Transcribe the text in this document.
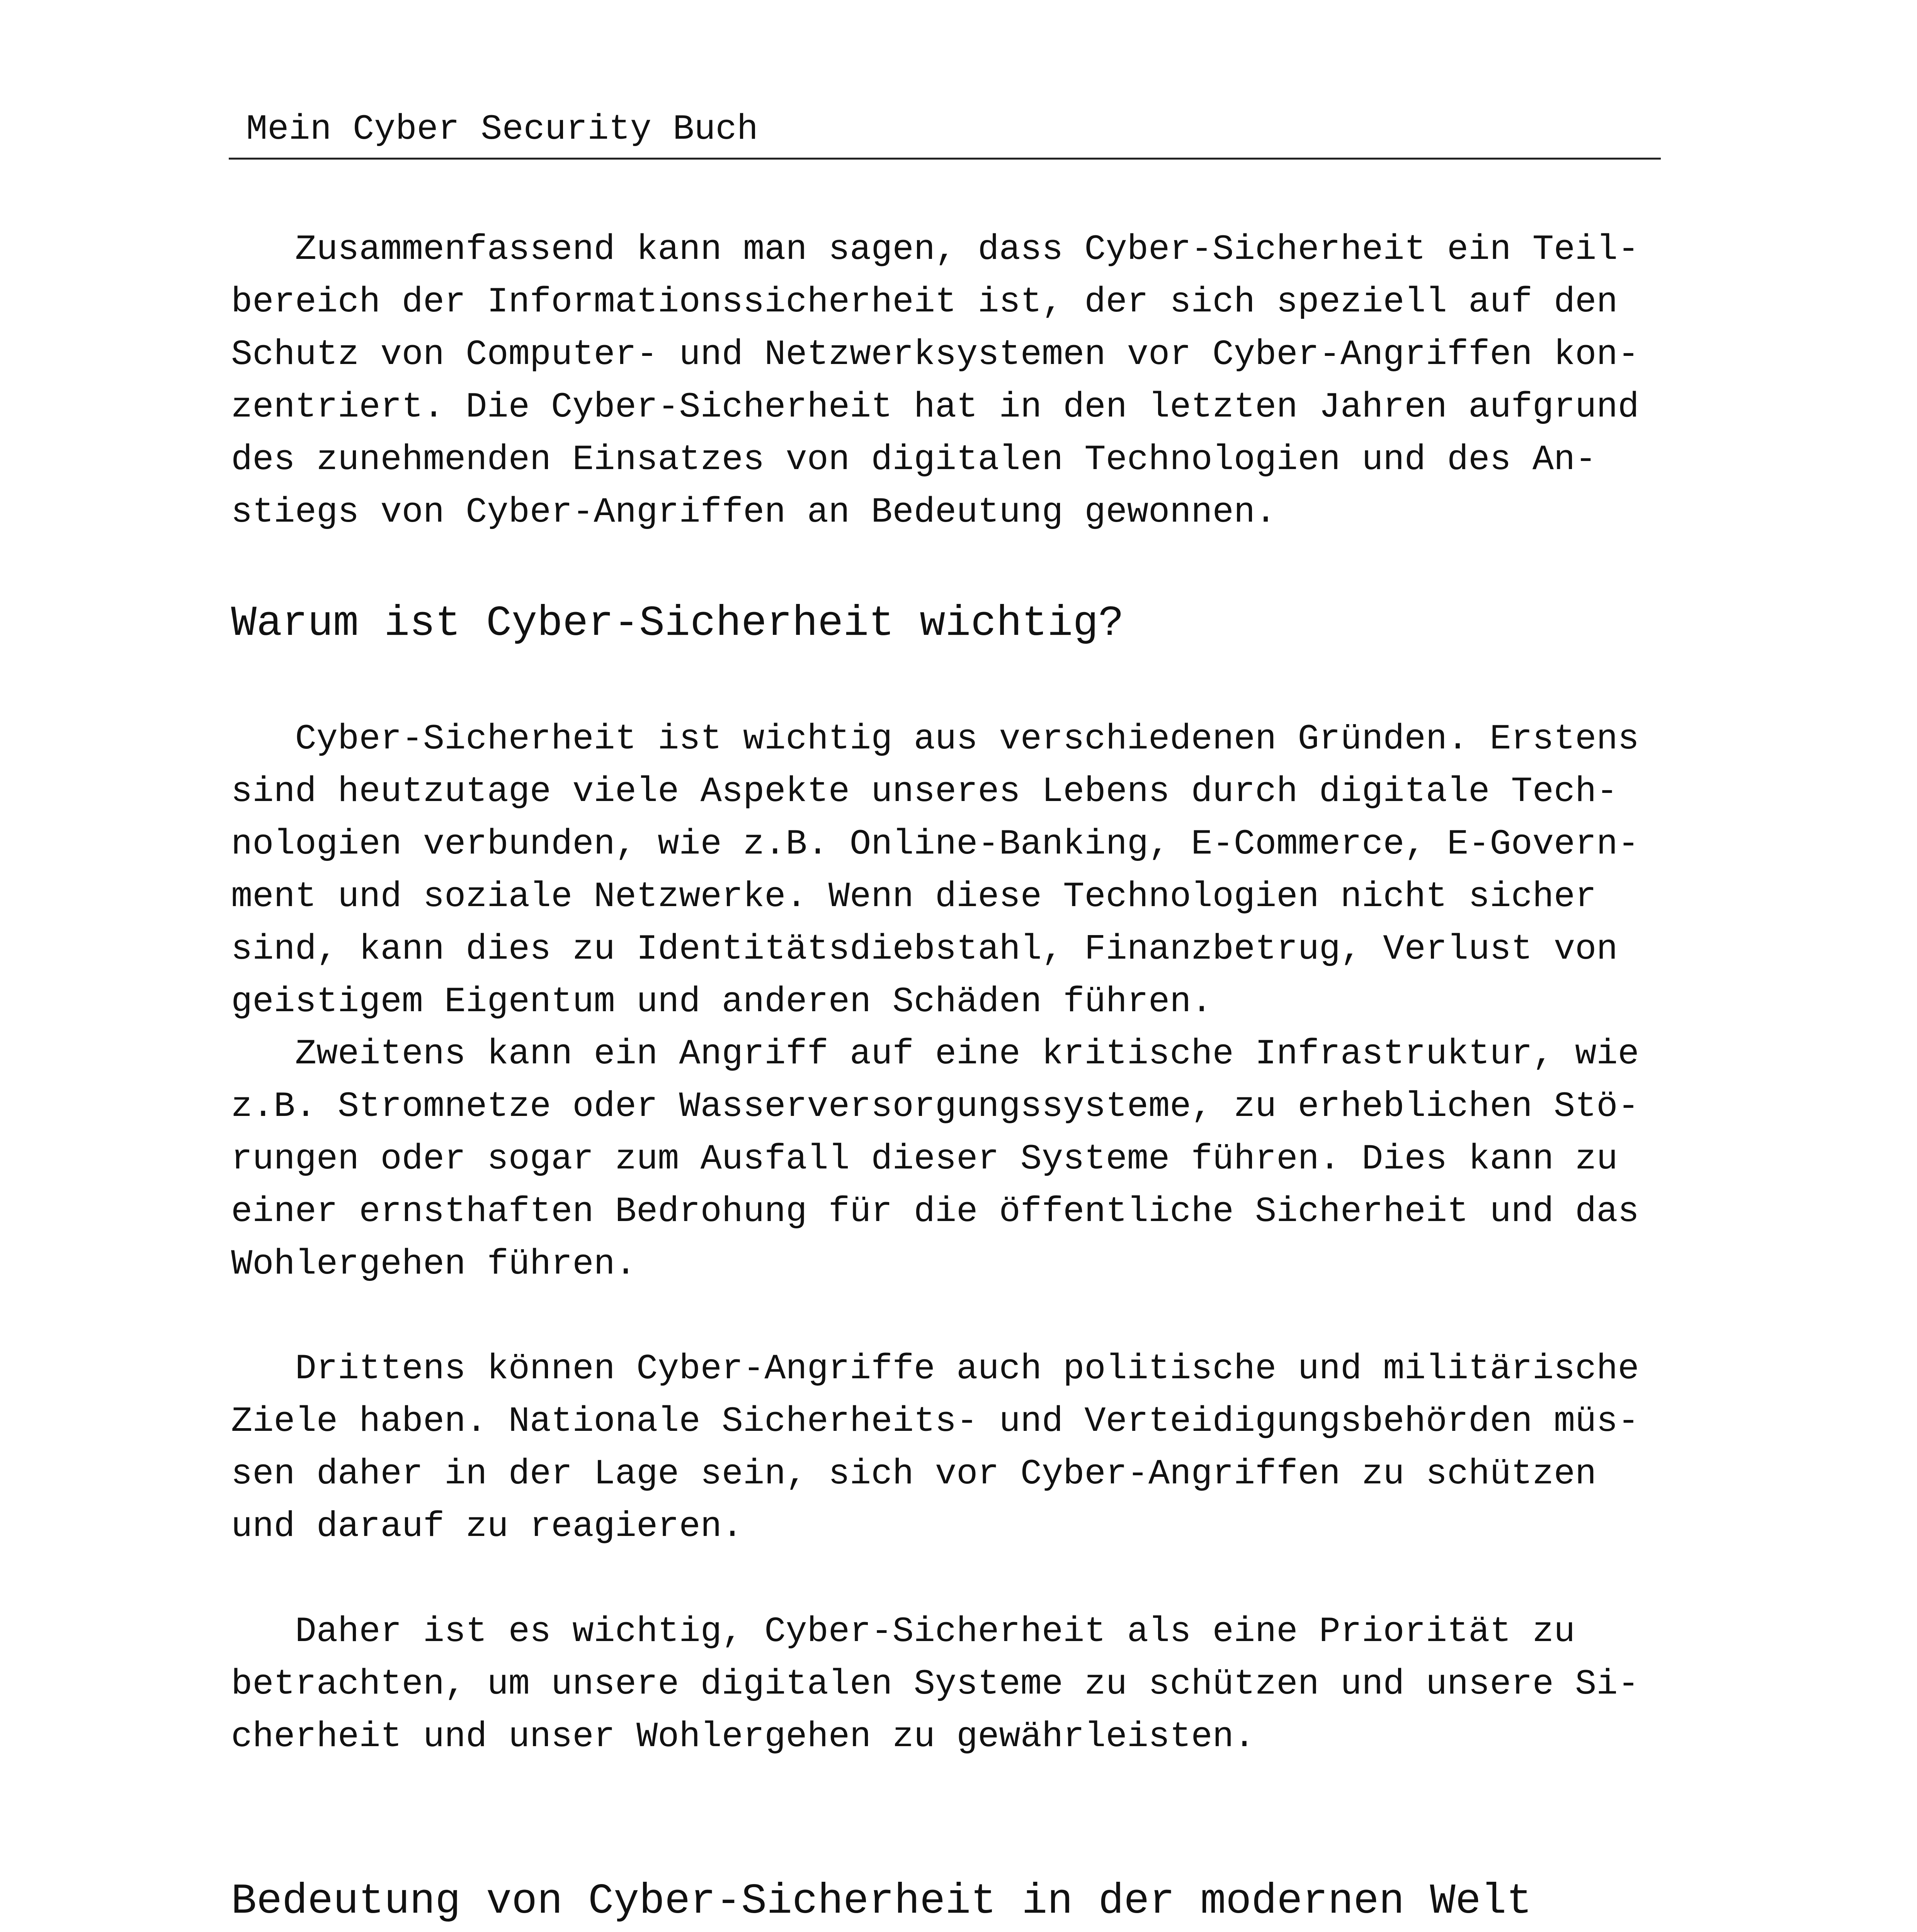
Mein Cyber Security Buch

Zusammenfassend kann man sagen, dass Cyber-Sicherheit ein Teil-
bereich der Informationssicherheit ist, der sich speziell auf den
Schutz von Computer- und Netzwerksystemen vor Cyber-Angriffen kon-
zentriert. Die Cyber-Sicherheit hat in den letzten Jahren aufgrund
des zunehmenden Einsatzes von digitalen Technologien und des An-
stiegs von Cyber-Angriffen an Bedeutung gewonnen.

Warum ist Cyber-Sicherheit wichtig?

Cyber-Sicherheit ist wichtig aus verschiedenen Gründen. Erstens
sind heutzutage viele Aspekte unseres Lebens durch digitale Tech-
nologien verbunden, wie z.B. Online-Banking, E-Commerce, E-Govern-
ment und soziale Netzwerke. Wenn diese Technologien nicht sicher
sind, kann dies zu Identitätsdiebstahl, Finanzbetrug, Verlust von
geistigem Eigentum und anderen Schäden führen.

Zweitens kann ein Angriff auf eine kritische Infrastruktur, wie
z.B. Stromnetze oder Wasserversorgungssysteme, zu erheblichen Stö-
rungen oder sogar zum Ausfall dieser Systeme führen. Dies kann zu
einer ernsthaften Bedrohung für die öffentliche Sicherheit und das
Wohlergehen führen.

Drittens können Cyber-Angriffe auch politische und militärische
Ziele haben. Nationale Sicherheits- und Verteidigungsbehörden müs-
sen daher in der Lage sein, sich vor Cyber-Angriffen zu schützen
und darauf zu reagieren.

Daher ist es wichtig, Cyber-Sicherheit als eine Priorität zu
betrachten, um unsere digitalen Systeme zu schützen und unsere Si-
cherheit und unser Wohlergehen zu gewährleisten.

Bedeutung von Cyber-Sicherheit in der modernen Welt
